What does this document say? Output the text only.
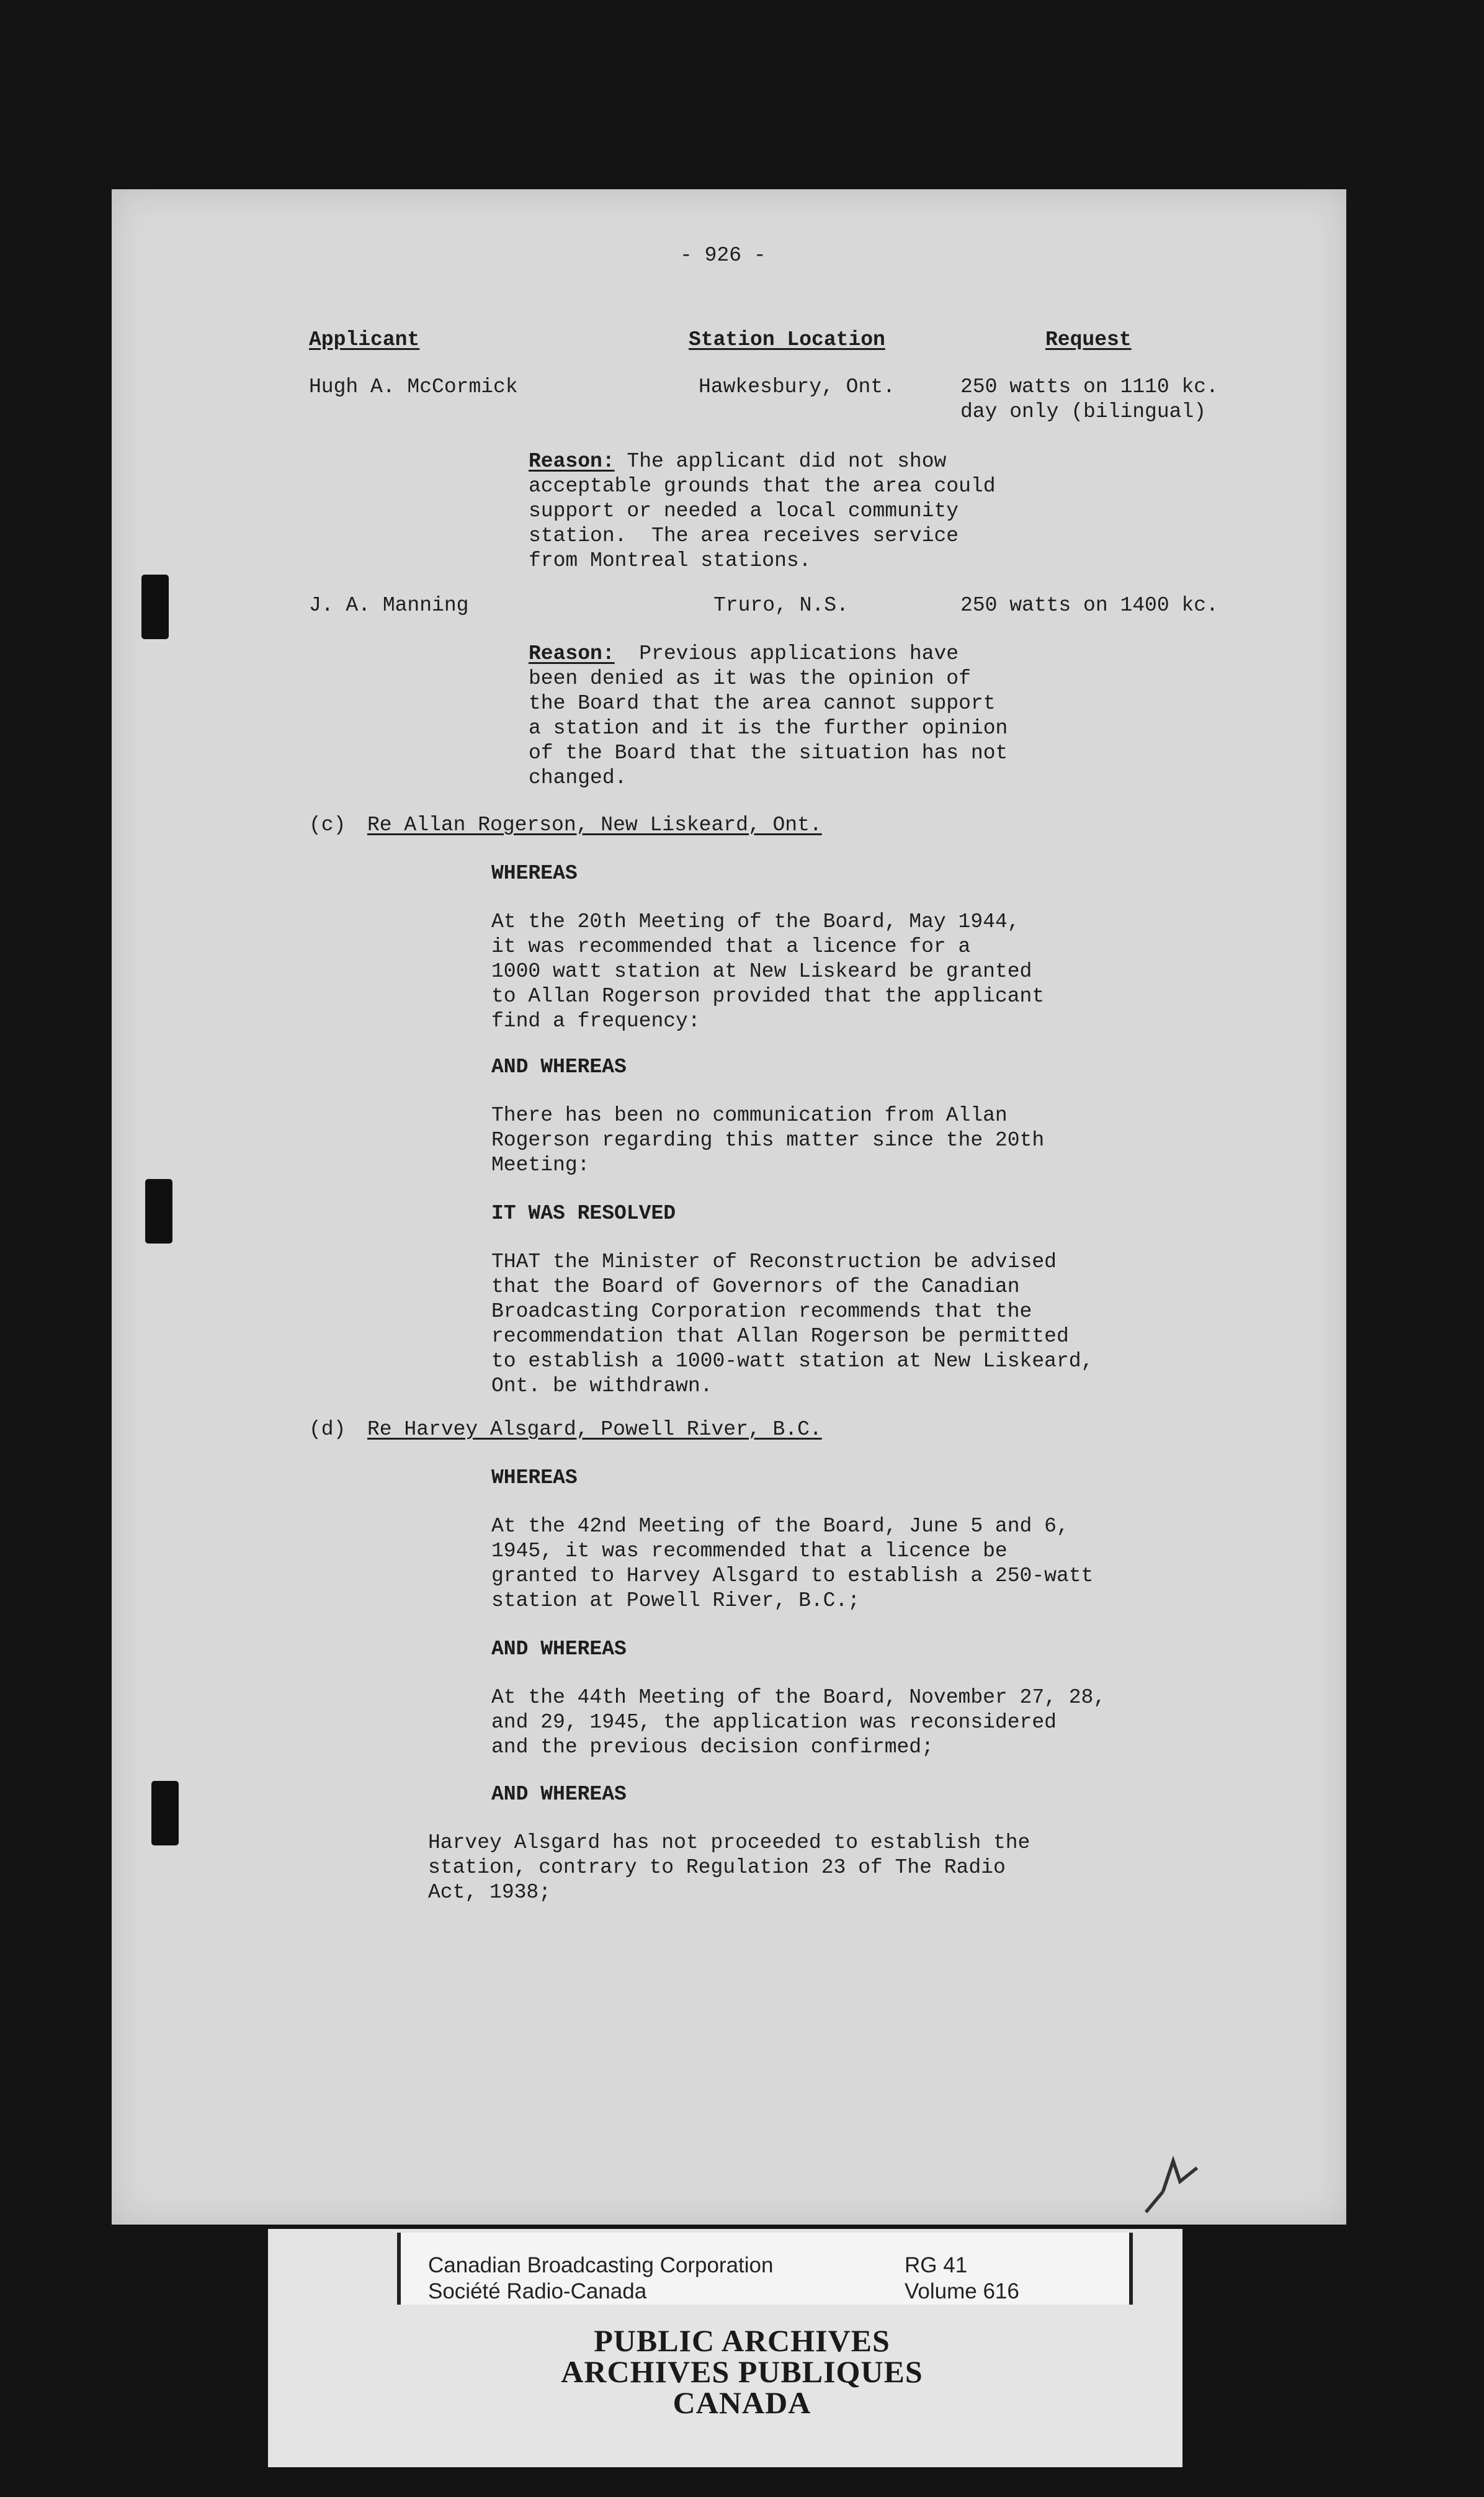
- 926 -
Applicant	Station Location	Request
Hugh A. McCormick	Hawkesbury, Ont.	250 watts on 1110 kc.
day only (bilingual)
Reason: The applicant did not show
acceptable grounds that the area could
support or needed a local community
station.  The area receives service
from Montreal stations.
J. A. Manning	Truro, N.S.	250 watts on 1400 kc.
Reason:  Previous applications have
been denied as it was the opinion of
the Board that the area cannot support
a station and it is the further opinion
of the Board that the situation has not
changed.
(c) Re Allan Rogerson, New Liskeard, Ont.
WHEREAS
At the 20th Meeting of the Board, May 1944,
it was recommended that a licence for a
1000 watt station at New Liskeard be granted
to Allan Rogerson provided that the applicant
find a frequency:
AND WHEREAS
There has been no communication from Allan
Rogerson regarding this matter since the 20th
Meeting:
IT WAS RESOLVED
THAT the Minister of Reconstruction be advised
that the Board of Governors of the Canadian
Broadcasting Corporation recommends that the
recommendation that Allan Rogerson be permitted
to establish a 1000-watt station at New Liskeard,
Ont. be withdrawn.
(d) Re Harvey Alsgard, Powell River, B.C.
WHEREAS
At the 42nd Meeting of the Board, June 5 and 6,
1945, it was recommended that a licence be
granted to Harvey Alsgard to establish a 250-watt
station at Powell River, B.C.;
AND WHEREAS
At the 44th Meeting of the Board, November 27, 28,
and 29, 1945, the application was reconsidered
and the previous decision confirmed;
AND WHEREAS
Harvey Alsgard has not proceeded to establish the
station, contrary to Regulation 23 of The Radio
Act, 1938;
Canadian Broadcasting Corporation
Société Radio-Canada
RG 41
Volume 616
PUBLIC ARCHIVES
ARCHIVES PUBLIQUES
CANADA
